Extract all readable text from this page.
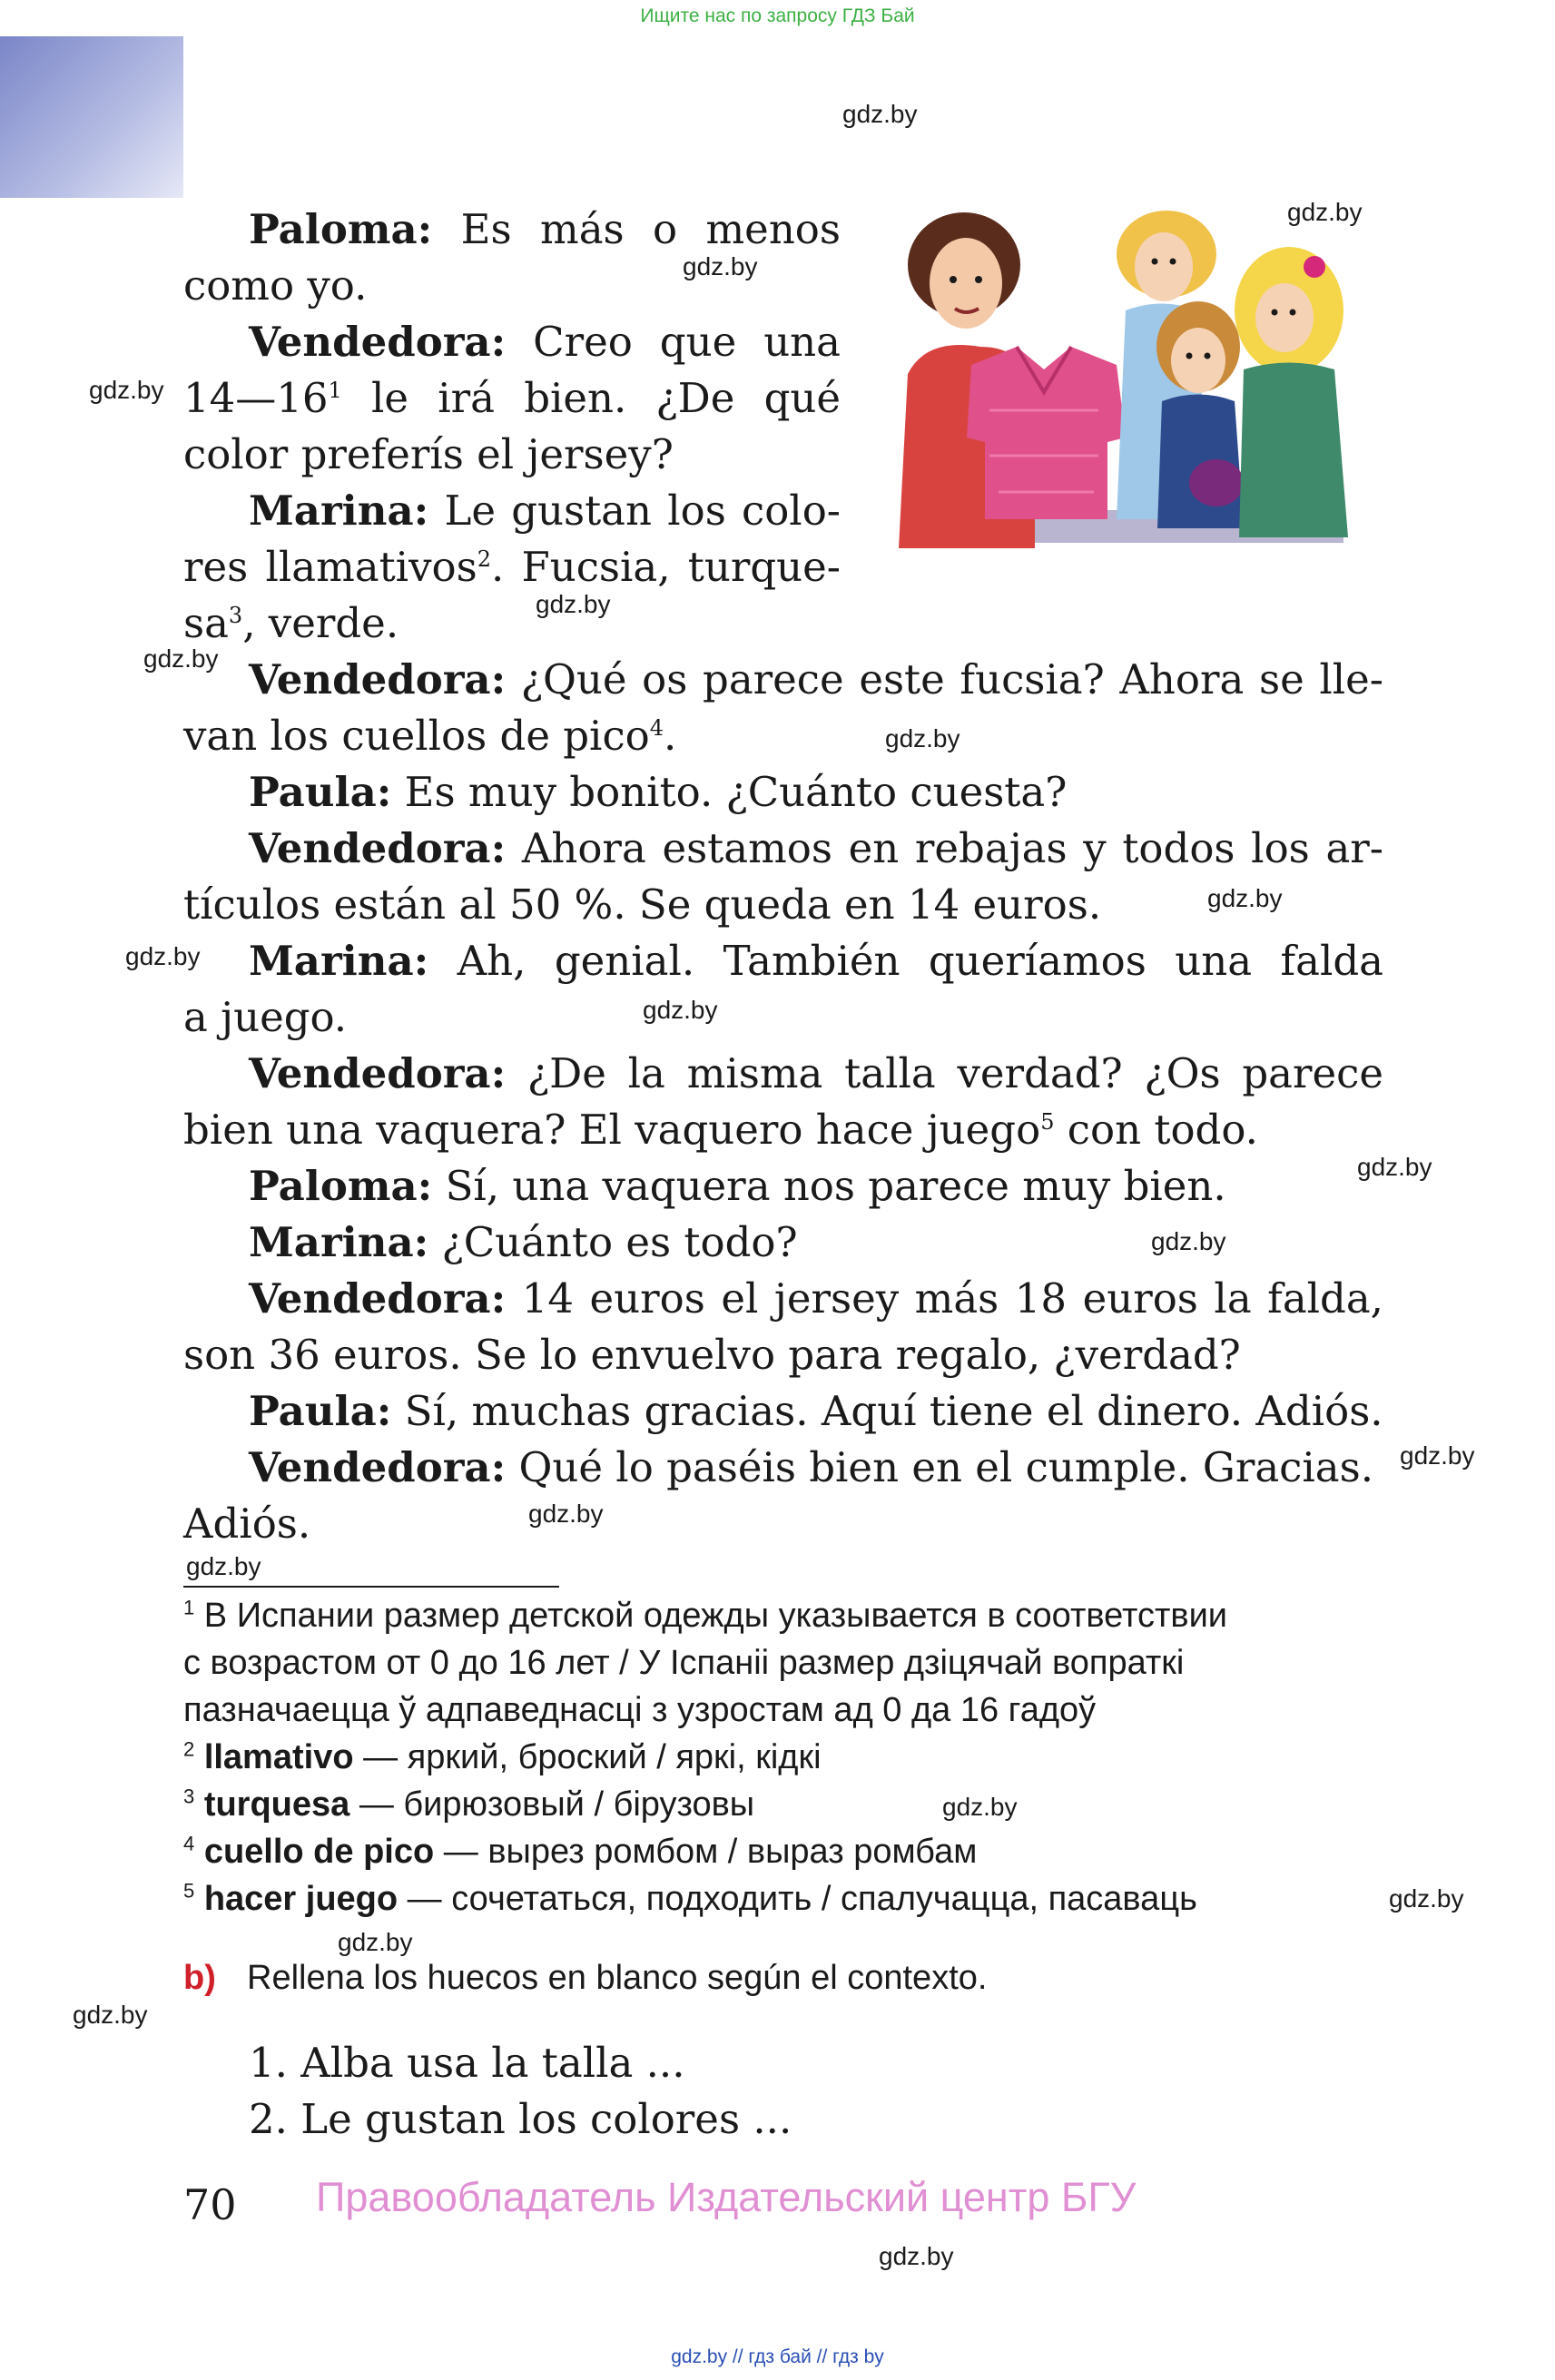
Ищите нас по запросу ГДЗ Бай
gdz.by
gdz.by
gdz.by
gdz.by
gdz.by
gdz.by
gdz.by
gdz.by
gdz.by
gdz.by
gdz.by
gdz.by
gdz.by
gdz.by
gdz.by
gdz.by
gdz.by
gdz.by
gdz.by
gdz.by
Paloma: Es más o menos
como yo.
Vendedora: Creo que una
$14—16^1$ le irá bien. ¿De qué
color preferís el jersey?
Marina: Le gustan los colo-
res llamativos$^2$. Fucsia, turque-
$sa^3$, verde.
Vendedora: ¿Qué os parece este fucsia? Ahora se lle-
van los cuellos de pico$^4$.
Paula: Es muy bonito. ¿Cuánto cuesta?
Vendedora: Ahora estamos en rebajas y todos los ar-
tículos están al 50 %. Se queda en 14 euros.
Marina: Ah, genial. También queríamos una falda
a juego.
Vendedora: ¿De la misma talla verdad? ¿Os parece
bien una vaquera? El vaquero hace juego$^5$ con todo.
Paloma: Sí, una vaquera nos parece muy bien.
Marina: ¿Cuánto es todo?
Vendedora: 14 euros el jersey más 18 euros la falda,
son 36 euros. Se lo envuelvo para regalo, ¿verdad?
Paula: Sí, muchas gracias. Aquí tiene el dinero. Adiós.
Vendedora: Qué lo paséis bien en el cumple. Gracias.
Adiós.
$^1$ В Испании размер детской одежды указывается в соответствии
с возрастом от 0 до 16 лет / У Іспаніі размер дзіцячай вопраткі
пазначаецца ў адпаведнасці з узростам ад 0 да 16 гадоў
$^2$ llamativo — яркий, броский / яркі, кідкі
$^3$ turquesa — бирюзовый / бірузовы
$^4$ cuello de pico — вырез ромбом / выраз ромбам
$^5$ hacer juego — сочетаться, подходить / спалучацца, пасаваць
b) Rellena los huecos en blanco según el contexto.
1. Alba usa la talla ...
2. Le gustan los colores ...
70 Правообладатель Издательский центр БГУ
gdz.by // гдз бай // гдз by
